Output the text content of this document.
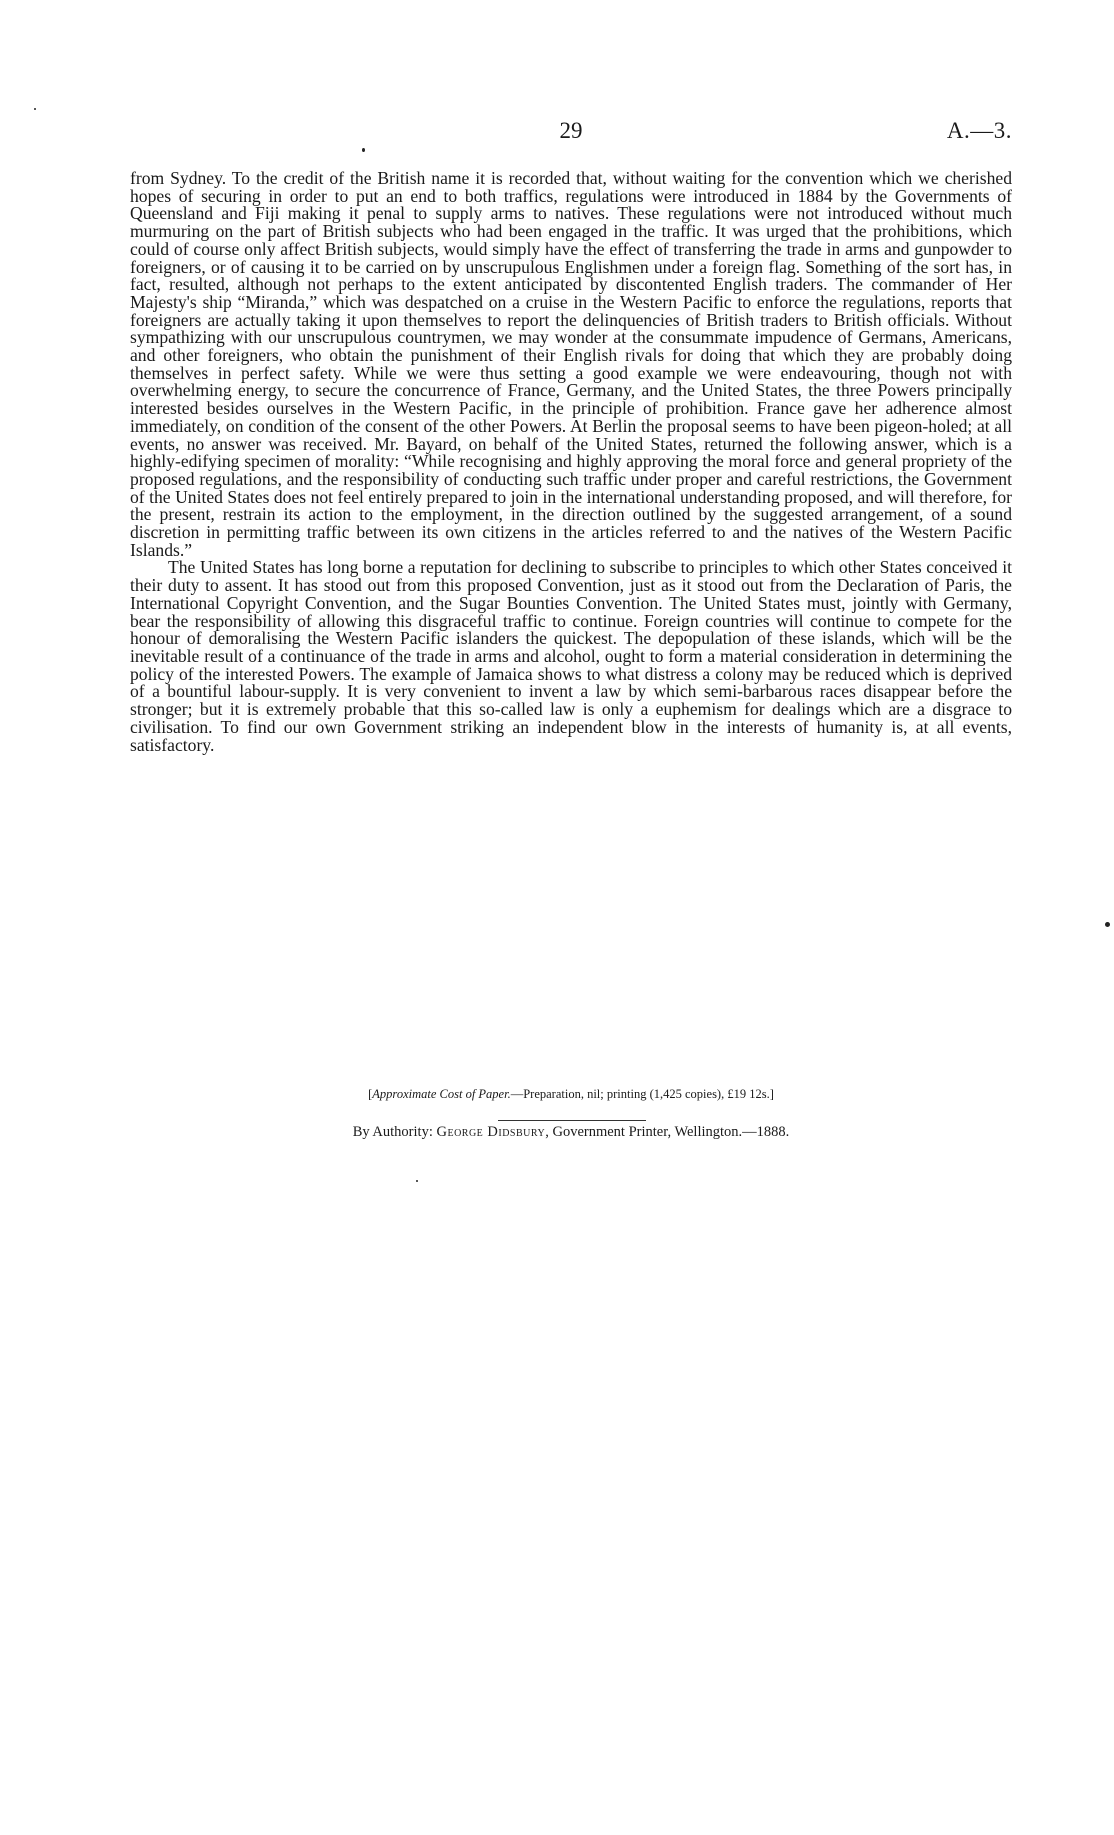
29	A.—3.

from Sydney. To the credit of the British name it is recorded that, without waiting for the convention which we cherished hopes of securing in order to put an end to both traffics, regulations were introduced in 1884 by the Governments of Queensland and Fiji making it penal to supply arms to natives. These regulations were not introduced without much murmuring on the part of British subjects who had been engaged in the traffic. It was urged that the prohibitions, which could of course only affect British subjects, would simply have the effect of transferring the trade in arms and gunpowder to foreigners, or of causing it to be carried on by unscrupulous Englishmen under a foreign flag. Something of the sort has, in fact, resulted, although not perhaps to the extent anticipated by discontented English traders. The commander of Her Majesty's ship “Miranda,” which was despatched on a cruise in the Western Pacific to enforce the regulations, reports that foreigners are actually taking it upon themselves to report the delinquencies of British traders to British officials. Without sympathizing with our unscrupulous countrymen, we may wonder at the consummate impudence of Germans, Americans, and other foreigners, who obtain the punishment of their English rivals for doing that which they are probably doing themselves in perfect safety. While we were thus setting a good example we were endeavouring, though not with overwhelming energy, to secure the concurrence of France, Germany, and the United States, the three Powers principally interested besides ourselves in the Western Pacific, in the principle of prohibition. France gave her adherence almost immediately, on condition of the consent of the other Powers. At Berlin the proposal seems to have been pigeon-holed; at all events, no answer was received. Mr. Bayard, on behalf of the United States, returned the following answer, which is a highly-edifying specimen of morality: “While recognising and highly approving the moral force and general propriety of the proposed regulations, and the responsibility of conducting such traffic under proper and careful restrictions, the Government of the United States does not feel entirely prepared to join in the international understanding proposed, and will therefore, for the present, restrain its action to the employment, in the direction outlined by the suggested arrangement, of a sound discretion in permitting traffic between its own citizens in the articles referred to and the natives of the Western Pacific Islands.”

The United States has long borne a reputation for declining to subscribe to principles to which other States conceived it their duty to assent. It has stood out from this proposed Convention, just as it stood out from the Declaration of Paris, the International Copyright Convention, and the Sugar Bounties Convention. The United States must, jointly with Germany, bear the responsibility of allowing this disgraceful traffic to continue. Foreign countries will continue to compete for the honour of demoralising the Western Pacific islanders the quickest. The depopulation of these islands, which will be the inevitable result of a continuance of the trade in arms and alcohol, ought to form a material consideration in determining the policy of the interested Powers. The example of Jamaica shows to what distress a colony may be reduced which is deprived of a bountiful labour-supply. It is very convenient to invent a law by which semi-barbarous races disappear before the stronger; but it is extremely probable that this so-called law is only a euphemism for dealings which are a disgrace to civilisation. To find our own Government striking an independent blow in the interests of humanity is, at all events, satisfactory.

[Approximate Cost of Paper.—Preparation, nil; printing (1,425 copies), £19 12s.]
By Authority: George Didsbury, Government Printer, Wellington.—1888.
